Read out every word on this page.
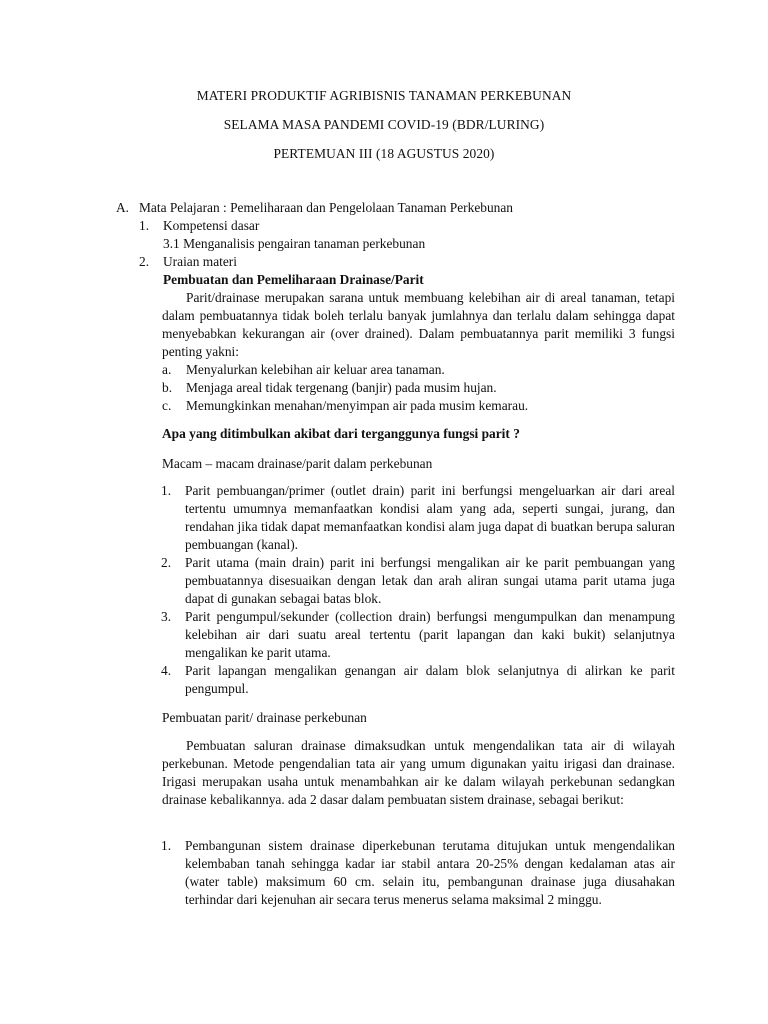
MATERI PRODUKTIF AGRIBISNIS TANAMAN PERKEBUNAN
SELAMA MASA PANDEMI COVID-19 (BDR/LURING)
PERTEMUAN III (18 AGUSTUS 2020)
A. Mata Pelajaran : Pemeliharaan dan Pengelolaan Tanaman Perkebunan
1. Kompetensi dasar
3.1 Menganalisis pengairan tanaman perkebunan
2. Uraian materi
Pembuatan dan Pemeliharaan Drainase/Parit
Parit/drainase merupakan sarana untuk membuang kelebihan air di areal tanaman, tetapi dalam pembuatannya tidak boleh terlalu banyak jumlahnya dan terlalu dalam sehingga dapat menyebabkan kekurangan air (over drained). Dalam pembuatannya parit memiliki 3 fungsi penting yakni:
a. Menyalurkan kelebihan air keluar area tanaman.
b. Menjaga areal tidak tergenang (banjir) pada musim hujan.
c. Memungkinkan menahan/menyimpan air pada musim kemarau.
Apa yang ditimbulkan akibat dari terganggunya fungsi parit ?
Macam – macam drainase/parit dalam perkebunan
1. Parit pembuangan/primer (outlet drain) parit ini berfungsi mengeluarkan air dari areal tertentu umumnya memanfaatkan kondisi alam yang ada, seperti sungai, jurang, dan rendahan jika tidak dapat memanfaatkan kondisi alam juga dapat di buatkan berupa saluran pembuangan (kanal).
2. Parit utama (main drain) parit ini berfungsi mengalikan air ke parit pembuangan yang pembuatannya disesuaikan dengan letak dan arah aliran sungai utama parit utama juga dapat di gunakan sebagai batas blok.
3. Parit pengumpul/sekunder (collection drain) berfungsi mengumpulkan dan menampung kelebihan air dari suatu areal tertentu (parit lapangan dan kaki bukit) selanjutnya mengalikan ke parit utama.
4. Parit lapangan mengalikan genangan air dalam blok selanjutnya di alirkan ke parit pengumpul.
Pembuatan parit/ drainase perkebunan
Pembuatan saluran drainase dimaksudkan untuk mengendalikan tata air di wilayah perkebunan. Metode pengendalian tata air yang umum digunakan yaitu irigasi dan drainase. Irigasi merupakan usaha untuk menambahkan air ke dalam wilayah perkebunan sedangkan drainase kebalikannya. ada 2 dasar dalam pembuatan sistem drainase, sebagai berikut:
1. Pembangunan sistem drainase diperkebunan terutama ditujukan untuk mengendalikan kelembaban tanah sehingga kadar iar stabil antara 20-25% dengan kedalaman atas air (water table) maksimum 60 cm. selain itu, pembangunan drainase juga diusahakan terhindar dari kejenuhan air secara terus menerus selama maksimal 2 minggu.
